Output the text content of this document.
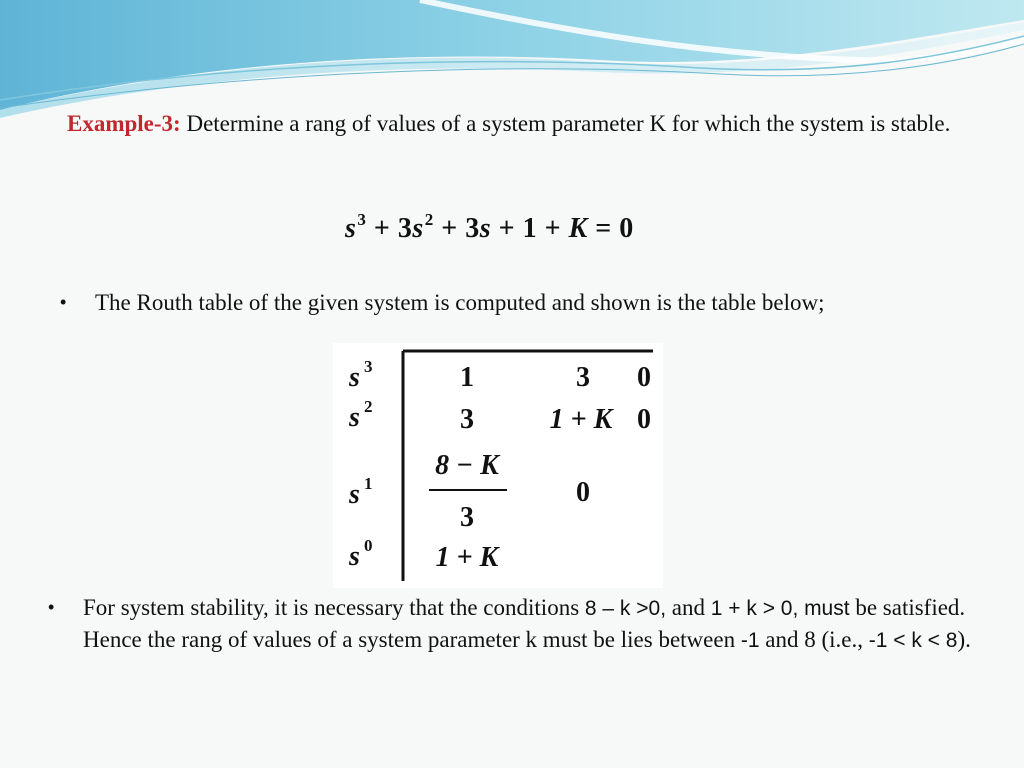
Example-3: Determine a rang of values of a system parameter K for which the system is stable.
$s^3 + 3s^2 + 3s + 1 + K = 0$
• The Routh table of the given system is computed and shown is the table below;
s 3
s 2
s 1
s 0
1	3 0
3	1 + K 0
8 − K
3
0
1 + K
• For system stability, it is necessary that the conditions 8 – k >0, and 1 + k > 0, must be satisfied. Hence the rang of values of a system parameter k must be lies between -1 and 8 (i.e., -1 < k < 8).
